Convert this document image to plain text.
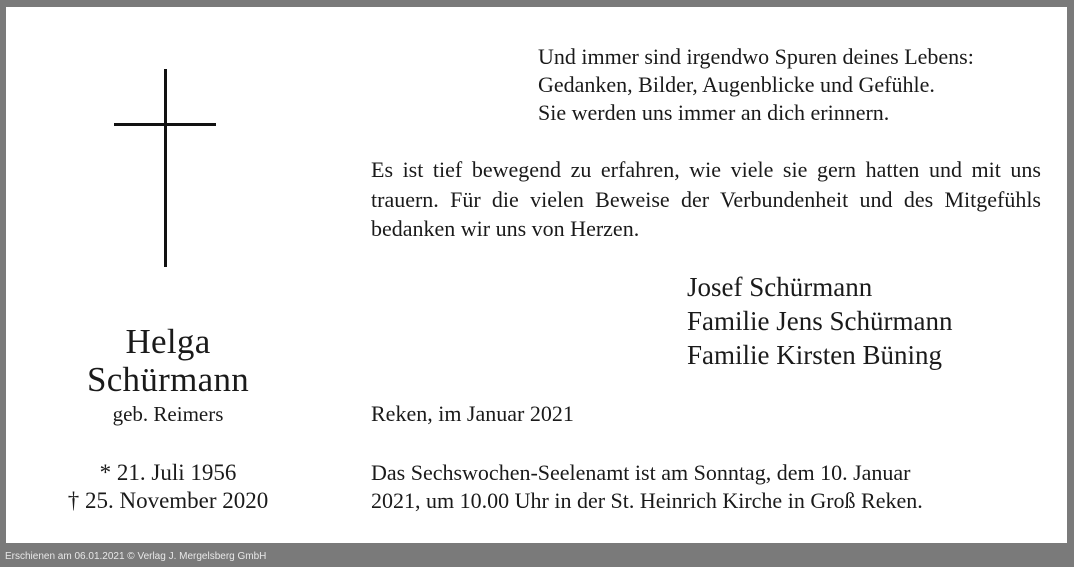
Helga
Schürmann
geb. Reimers
* 21. Juli 1956
† 25. November 2020
Und immer sind irgendwo Spuren deines Lebens:
Gedanken, Bilder, Augenblicke und Gefühle.
Sie werden uns immer an dich erinnern.
Es ist tief bewegend zu erfahren, wie viele sie gern hatten und mit uns trauern. Für die vielen Beweise der Verbundenheit und des Mitgefühls bedanken wir uns von Herzen.
Josef Schürmann
Familie Jens Schürmann
Familie Kirsten Büning
Reken, im Januar 2021
Das Sechswochen-Seelenamt ist am Sonntag, dem 10. Januar
2021, um 10.00 Uhr in der St. Heinrich Kirche in Groß Reken.
Erschienen am 06.01.2021 © Verlag J. Mergelsberg GmbH
